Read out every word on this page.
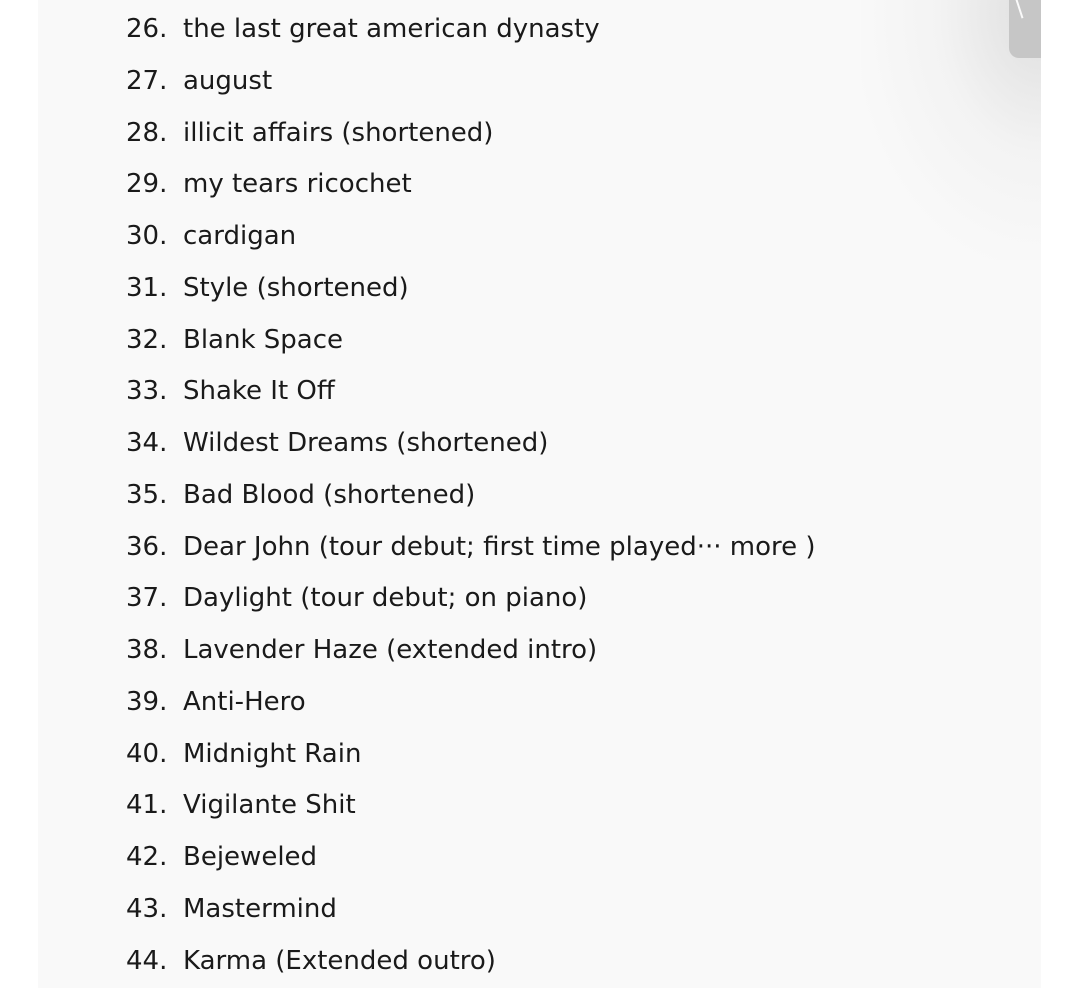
26. the last great american dynasty
27. august
28. illicit affairs (shortened)
29. my tears ricochet
30. cardigan
31. Style (shortened)
32. Blank Space
33. Shake It Off
34. Wildest Dreams (shortened)
35. Bad Blood (shortened)
36. Dear John (tour debut; first time played··· more )
37. Daylight (tour debut; on piano)
38. Lavender Haze (extended intro)
39. Anti-Hero
40. Midnight Rain
41. Vigilante Shit
42. Bejeweled
43. Mastermind
44. Karma (Extended outro)
